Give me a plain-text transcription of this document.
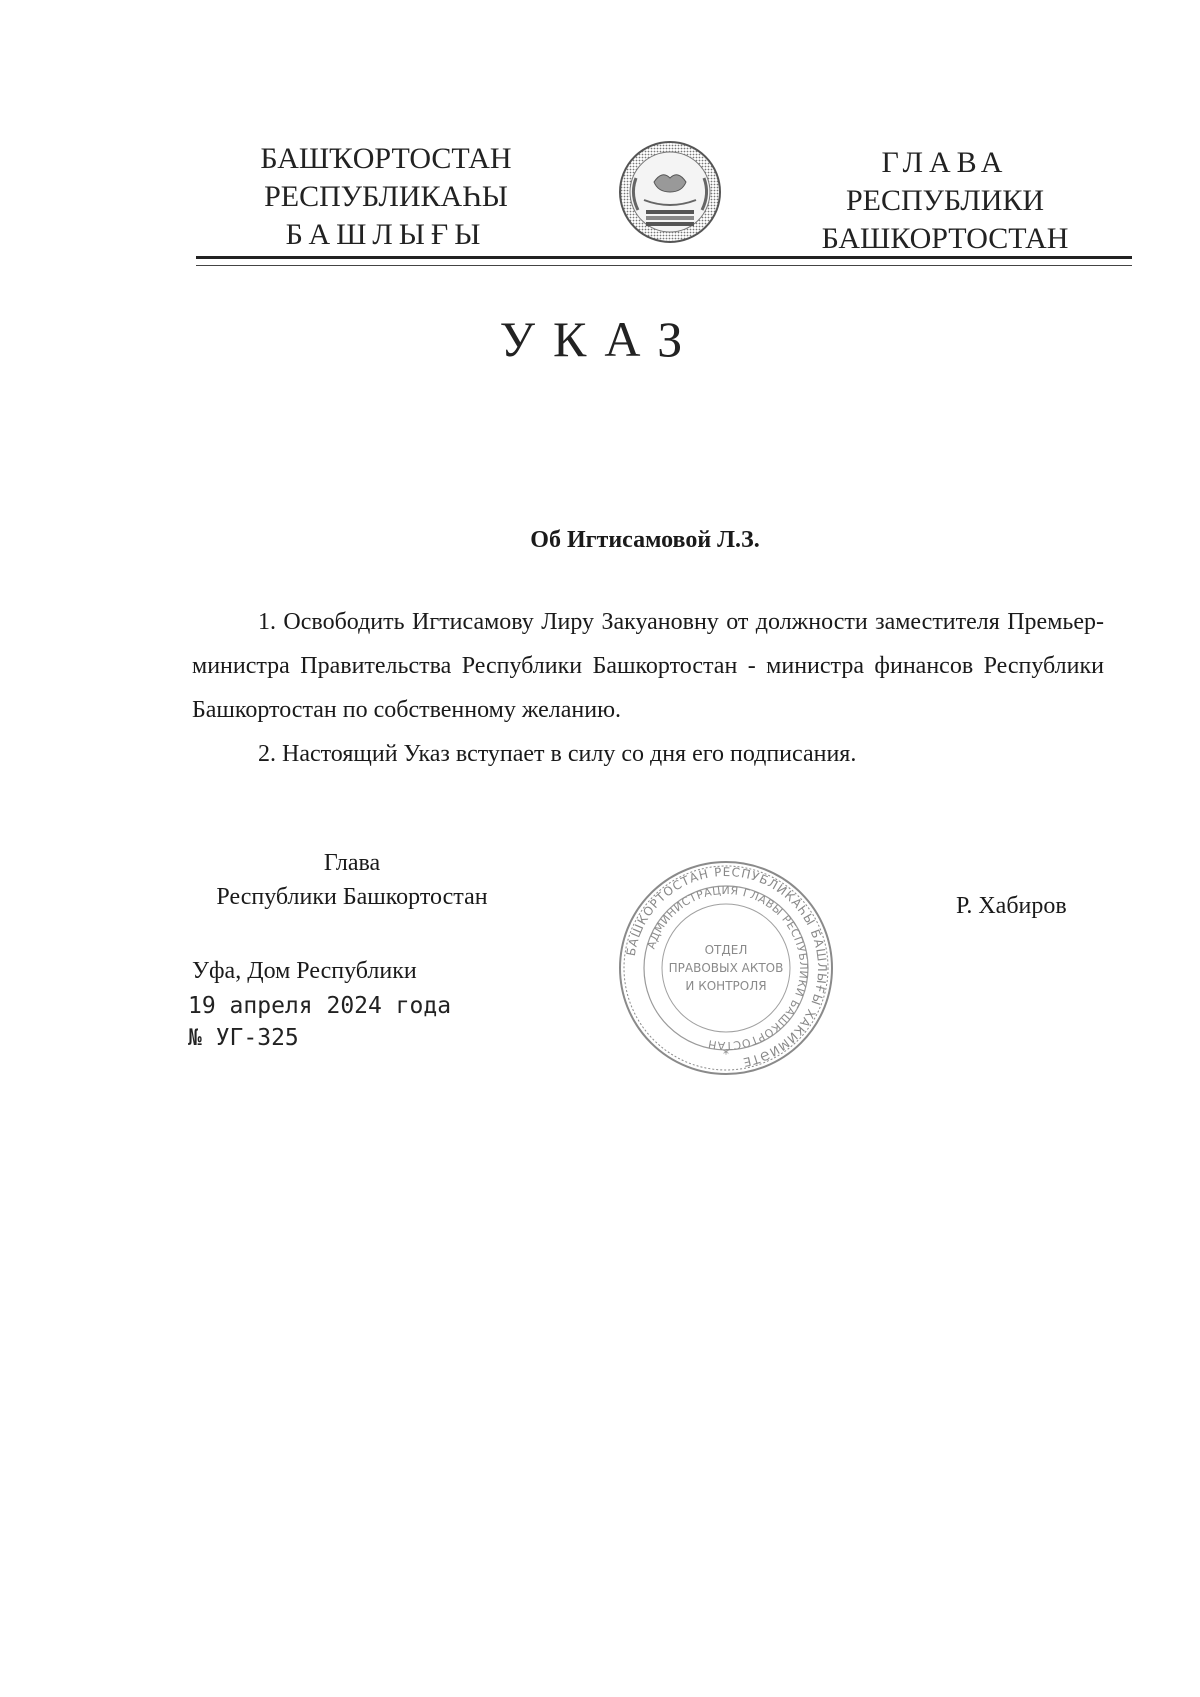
БАШҠОРТОСТАН
РЕСПУБЛИКАҺЫ
БАШЛЫҒЫ
ГЛАВА
РЕСПУБЛИКИ
БАШКОРТОСТАН
УКАЗ
Об Игтисамовой Л.З.

1. Освободить Игтисамову Лиру Закуановну от должности заместителя Премьер-министра Правительства Республики Башкортостан - министра финансов Республики Башкортостан по собственному желанию.

2. Настоящий Указ вступает в силу со дня его подписания.

Глава
Республики Башкортостан	Р. Хабиров
Уфа, Дом Республики
19 апреля 2024 года
№ УГ-325
БАШКОРТОСТАН РЕСПУБЛИКАҺЫ БАШЛЫҒЫ ХАКИМИӘТЕ
АДМИНИСТРАЦИЯ ГЛАВЫ РЕСПУБЛИКИ БАШКОРТОСТАН
ОТДЕЛ
ПРАВОВЫХ АКТОВ
И КОНТРОЛЯ
*
